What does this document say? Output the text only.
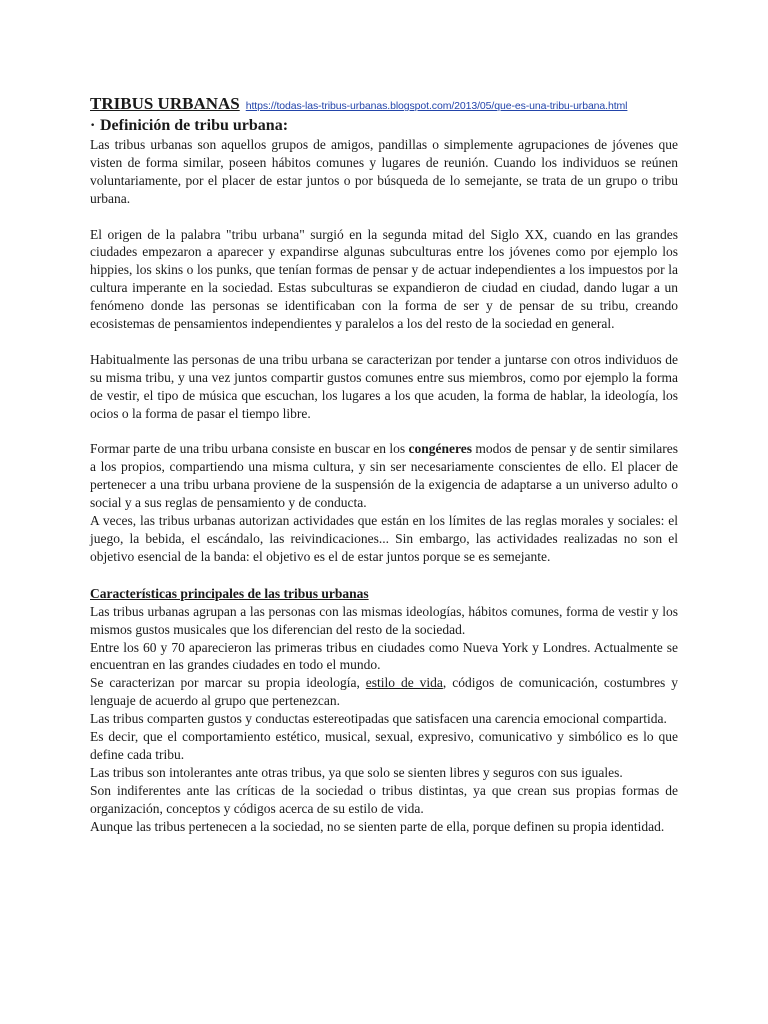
TRIBUS URBANAS https://todas-las-tribus-urbanas.blogspot.com/2013/05/que-es-una-tribu-urbana.html
· Definición de tribu urbana:

Las tribus urbanas son aquellos grupos de amigos, pandillas o simplemente agrupaciones de jóvenes que visten de forma similar, poseen hábitos comunes y lugares de reunión. Cuando los individuos se reúnen voluntariamente, por el placer de estar juntos o por búsqueda de lo semejante, se trata de un grupo o tribu urbana.

El origen de la palabra "tribu urbana" surgió en la segunda mitad del Siglo XX, cuando en las grandes ciudades empezaron a aparecer y expandirse algunas subculturas entre los jóvenes como por ejemplo los hippies, los skins o los punks, que tenían formas de pensar y de actuar independientes a los impuestos por la cultura imperante en la sociedad. Estas subculturas se expandieron de ciudad en ciudad, dando lugar a un fenómeno donde las personas se identificaban con la forma de ser y de pensar de su tribu, creando ecosistemas de pensamientos independientes y paralelos a los del resto de la sociedad en general.

Habitualmente las personas de una tribu urbana se caracterizan por tender a juntarse con otros individuos de su misma tribu, y una vez juntos compartir gustos comunes entre sus miembros, como por ejemplo la forma de vestir, el tipo de música que escuchan, los lugares a los que acuden, la forma de hablar, la ideología, los ocios o la forma de pasar el tiempo libre.

Formar parte de una tribu urbana consiste en buscar en los congéneres modos de pensar y de sentir similares a los propios, compartiendo una misma cultura, y sin ser necesariamente conscientes de ello. El placer de pertenecer a una tribu urbana proviene de la suspensión de la exigencia de adaptarse a un universo adulto o social y a sus reglas de pensamiento y de conducta.

A veces, las tribus urbanas autorizan actividades que están en los límites de las reglas morales y sociales: el juego, la bebida, el escándalo, las reivindicaciones... Sin embargo, las actividades realizadas no son el objetivo esencial de la banda: el objetivo es el de estar juntos porque se es semejante.

Características principales de las tribus urbanas

Las tribus urbanas agrupan a las personas con las mismas ideologías, hábitos comunes, forma de vestir y los mismos gustos musicales que los diferencian del resto de la sociedad.

Entre los 60 y 70 aparecieron las primeras tribus en ciudades como Nueva York y Londres. Actualmente se encuentran en las grandes ciudades en todo el mundo.

Se caracterizan por marcar su propia ideología, estilo de vida, códigos de comunicación, costumbres y lenguaje de acuerdo al grupo que pertenezcan.

Las tribus comparten gustos y conductas estereotipadas que satisfacen una carencia emocional compartida.

Es decir, que el comportamiento estético, musical, sexual, expresivo, comunicativo y simbólico es lo que define cada tribu.

Las tribus son intolerantes ante otras tribus, ya que solo se sienten libres y seguros con sus iguales.

Son indiferentes ante las críticas de la sociedad o tribus distintas, ya que crean sus propias formas de organización, conceptos y códigos acerca de su estilo de vida.

Aunque las tribus pertenecen a la sociedad, no se sienten parte de ella, porque definen su propia identidad.
